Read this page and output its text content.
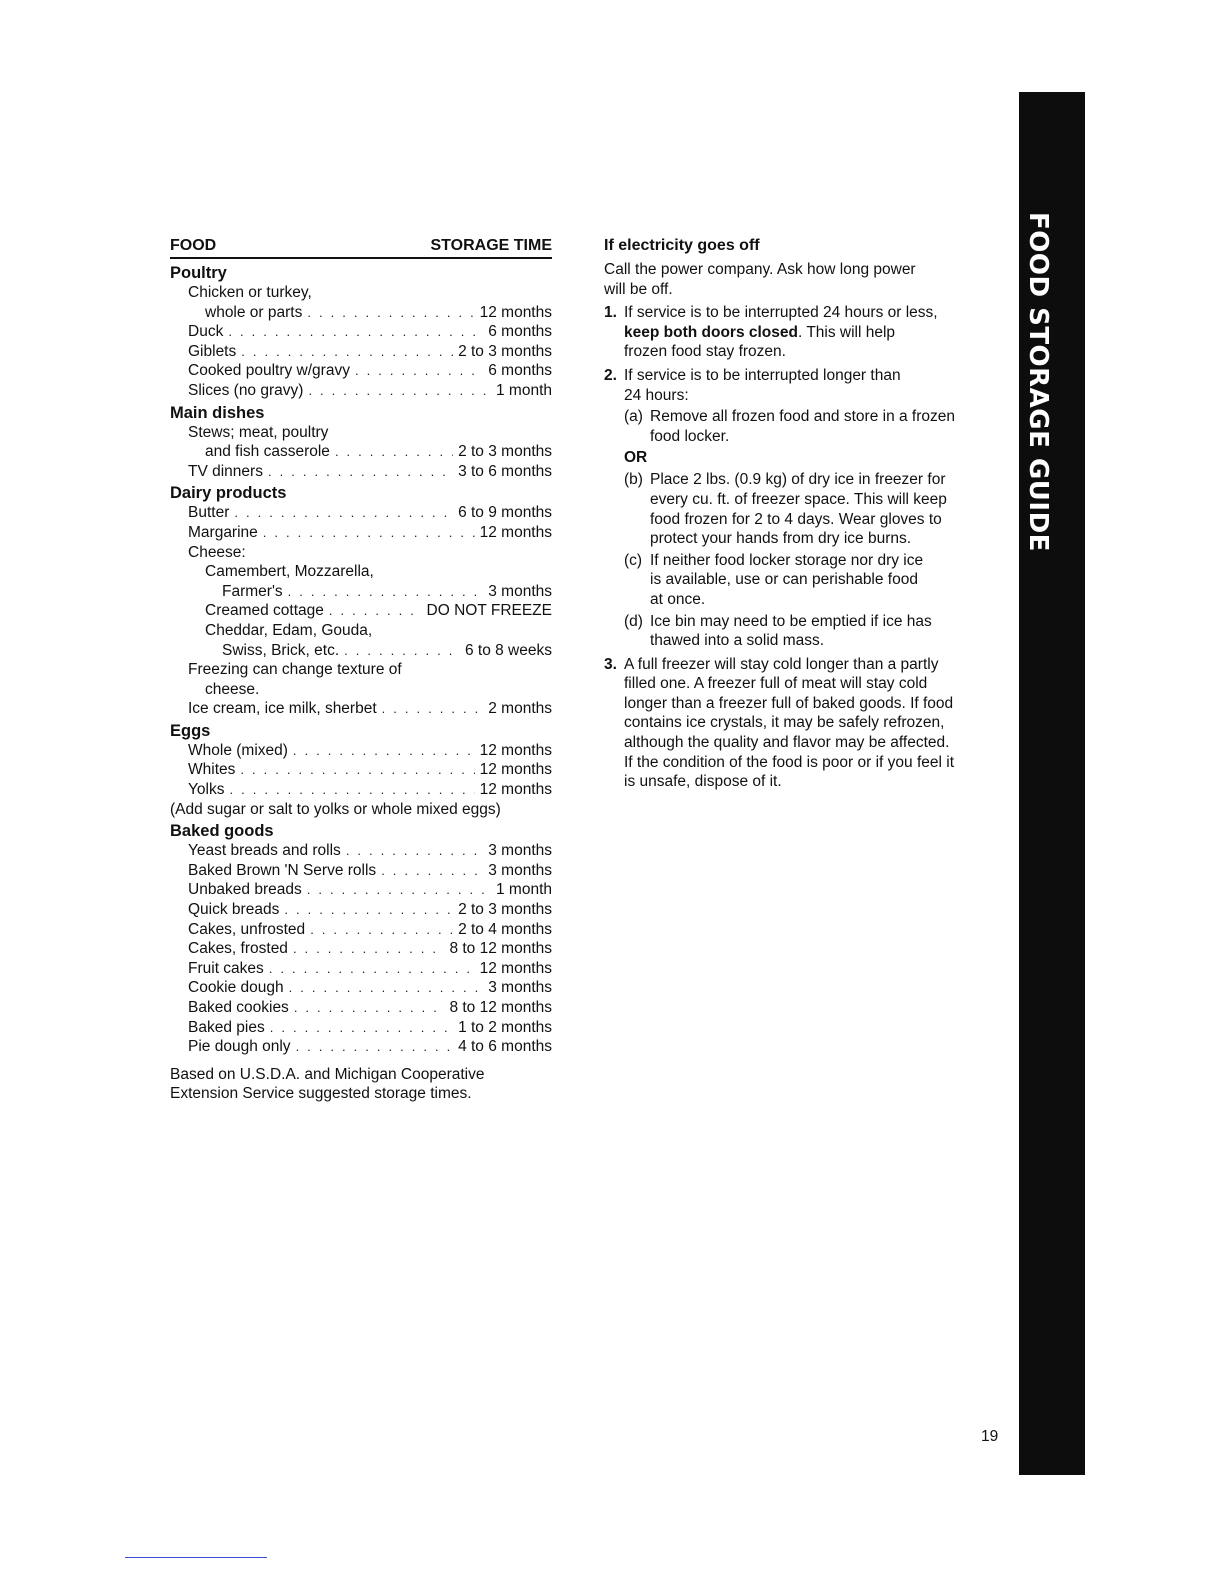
FOOD	STORAGE TIME
Poultry
Chicken or turkey,
whole or parts . . .	12 months
Duck . . .	6 months
Giblets . . .	2 to 3 months
Cooked poultry w/gravy . . .	6 months
Slices (no gravy) . . .	1 month
Main dishes
Stews; meat, poultry
and fish casserole . . .	2 to 3 months
TV dinners . . .	3 to 6 months
Dairy products
Butter . . .	6 to 9 months
Margarine . . .	12 months
Cheese:
Camembert, Mozzarella,
Farmer's . . .	3 months
Creamed cottage . . .	DO NOT FREEZE
Cheddar, Edam, Gouda,
Swiss, Brick, etc. . . .	6 to 8 weeks
Freezing can change texture of
cheese.
Ice cream, ice milk, sherbet . . .	2 months
Eggs
Whole (mixed) . . .	12 months
Whites . . .	12 months
Yolks . . .	12 months
(Add sugar or salt to yolks or whole mixed eggs)
Baked goods
Yeast breads and rolls . . .	3 months
Baked Brown 'N Serve rolls . . .	3 months
Unbaked breads . . .	1 month
Quick breads . . .	2 to 3 months
Cakes, unfrosted . . .	2 to 4 months
Cakes, frosted . . .	8 to 12 months
Fruit cakes . . .	12 months
Cookie dough . . .	3 months
Baked cookies . . .	8 to 12 months
Baked pies . . .	1 to 2 months
Pie dough only . . .	4 to 6 months
Based on U.S.D.A. and Michigan Cooperative
Extension Service suggested storage times.
If electricity goes off
Call the power company. Ask how long power
will be off.
1. If service is to be interrupted 24 hours or less,
keep both doors closed. This will help
frozen food stay frozen.
2. If service is to be interrupted longer than
24 hours:
(a) Remove all frozen food and store in a frozen
food locker.
OR
(b) Place 2 lbs. (0.9 kg) of dry ice in freezer for
every cu. ft. of freezer space. This will keep
food frozen for 2 to 4 days. Wear gloves to
protect your hands from dry ice burns.
(c) If neither food locker storage nor dry ice
is available, use or can perishable food
at once.
(d) Ice bin may need to be emptied if ice has
thawed into a solid mass.
3. A full freezer will stay cold longer than a partly
filled one. A freezer full of meat will stay cold
longer than a freezer full of baked goods. If food
contains ice crystals, it may be safely refrozen,
although the quality and flavor may be affected.
If the condition of the food is poor or if you feel it
is unsafe, dispose of it.
FOOD STORAGE GUIDE
19
